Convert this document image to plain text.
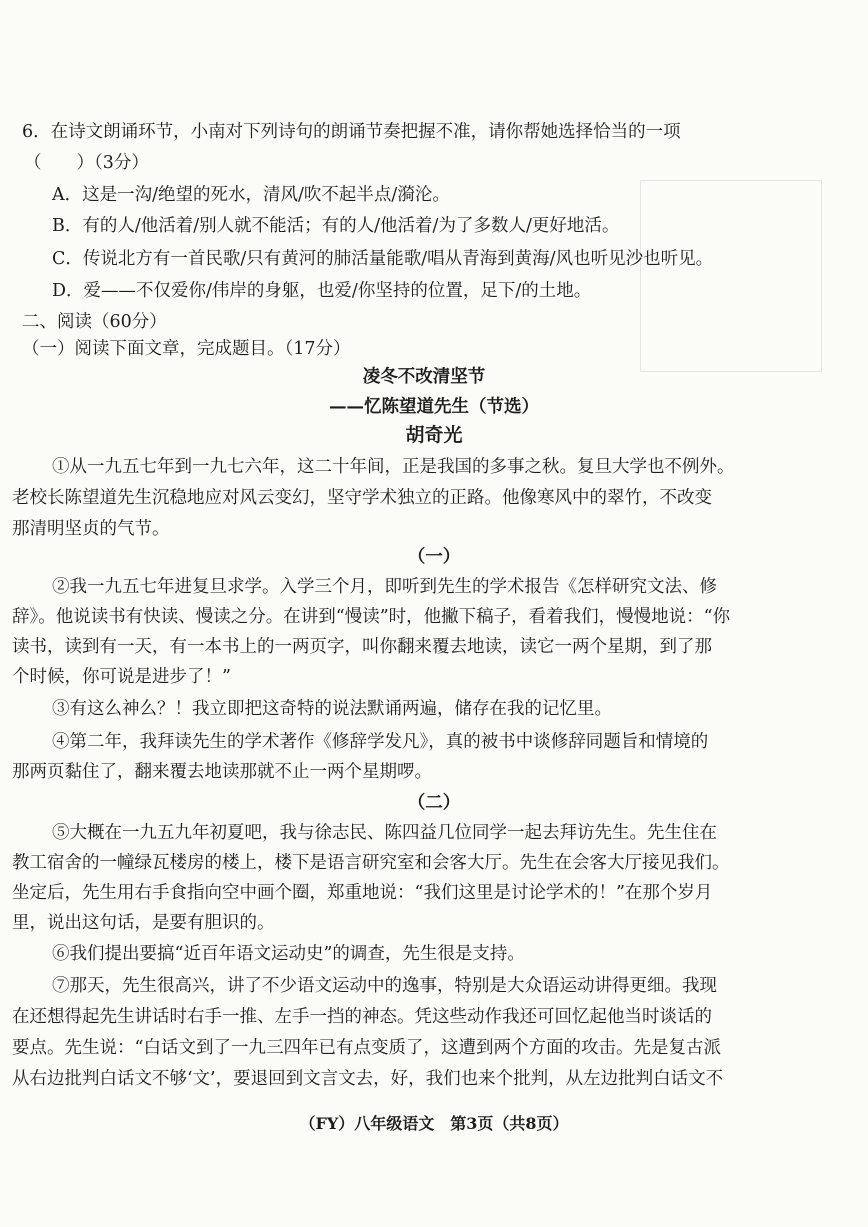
6．在诗文朗诵环节，小南对下列诗句的朗诵节奏把握不准，请你帮她选择恰当的一项
（　　）（3分）
A．这是一沟/绝望的死水，清风/吹不起半点/漪沦。
B．有的人/他活着/别人就不能活；有的人/他活着/为了多数人/更好地活。
C．传说北方有一首民歌/只有黄河的肺活量能歌/唱从青海到黄海/风也听见沙也听见。
D．爱——不仅爱你/伟岸的身躯，也爱/你坚持的位置，足下/的土地。
二、阅读（60分）
（一）阅读下面文章，完成题目。（17分）
凌冬不改清坚节
——忆陈望道先生（节选）
胡奇光
①从一九五七年到一九七六年，这二十年间，正是我国的多事之秋。复旦大学也不例外。
老校长陈望道先生沉稳地应对风云变幻，坚守学术独立的正路。他像寒风中的翠竹，不改变
那清明坚贞的气节。
（一）
②我一九五七年进复旦求学。入学三个月，即听到先生的学术报告《怎样研究文法、修
辞》。他说读书有快读、慢读之分。在讲到“慢读”时，他撇下稿子，看着我们，慢慢地说：“你
读书，读到有一天，有一本书上的一两页字，叫你翻来覆去地读，读它一两个星期，到了那
个时候，你可说是进步了！”
③有这么神么？！我立即把这奇特的说法默诵两遍，储存在我的记忆里。
④第二年，我拜读先生的学术著作《修辞学发凡》，真的被书中谈修辞同题旨和情境的
那两页黏住了，翻来覆去地读那就不止一两个星期啰。
（二）
⑤大概在一九五九年初夏吧，我与徐志民、陈四益几位同学一起去拜访先生。先生住在
教工宿舍的一幢绿瓦楼房的楼上，楼下是语言研究室和会客大厅。先生在会客大厅接见我们。
坐定后，先生用右手食指向空中画个圈，郑重地说：“我们这里是讨论学术的！”在那个岁月
里，说出这句话，是要有胆识的。
⑥我们提出要搞“近百年语文运动史”的调查，先生很是支持。
⑦那天，先生很高兴，讲了不少语文运动中的逸事，特别是大众语运动讲得更细。我现
在还想得起先生讲话时右手一推、左手一挡的神态。凭这些动作我还可回忆起他当时谈话的
要点。先生说：“白话文到了一九三四年已有点变质了，这遭到两个方面的攻击。先是复古派
从右边批判白话文不够‘文’，要退回到文言文去，好，我们也来个批判，从左边批判白话文不
（FY）八年级语文　第3页（共8页）
